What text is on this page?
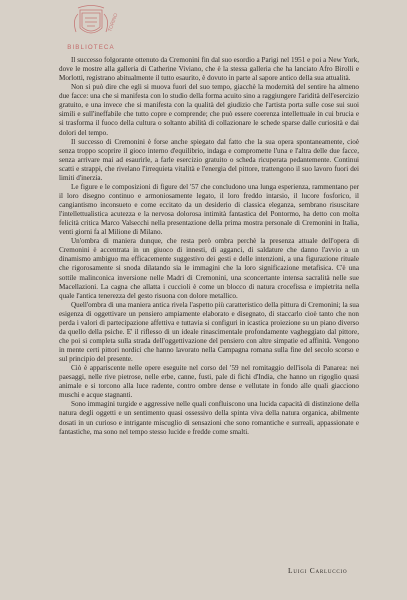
TORINO
BIBLIOTECA

Il successo folgorante ottenuto da Cremonini fin dal suo esordio a Parigi nel 1951 e poi a New York, dove le mostre alla galleria di Catherine Viviano, che è la stessa galleria che ha lanciato Afro Birolli e Morlotti, registrano abitualmente il tutto esaurito, è dovuto in parte al sapore antico della sua attualità.

Non si può dire che egli si muova fuori del suo tempo, giacchè la modernità del sentire ha almeno due facce: una che si manifesta con lo studio della forma acuito sino a raggiungere l'aridità dell'esercizio gratuito, e una invece che si manifesta con la qualità del giudizio che l'artista porta sulle cose sui suoi simili e sull'ineffabile che tutto copre e comprende; che può essere coerenza intellettuale in cui brucia e si trasforma il fuoco della cultura o soltanto abilità di collazionare le schede sparse dalle curiosità e dai dolori del tempo.

Il successo di Cremonini è forse anche spiegato dal fatto che la sua opera spontaneamente, cioè senza troppo scoprire il gioco interno d'equilibrio, indaga e compromette l'una e l'altra delle due facce, senza arrivare mai ad esaurirle, a farle esercizio gratuito o scheda ricuperata pedantemente. Continui scatti e strappi, che rivelano l'irrequieta vitalità e l'energia del pittore, trattengono il suo lavoro fuori dei limiti d'inerzia.

Le figure e le composizioni di figure del '57 che concludono una lunga esperienza, rammentano per il loro disegno continuo e armoniosamente legato, il loro freddo intarsio, il lucore fosforico, il cangiantismo inconsueto e come eccitato da un desiderio di classica eleganza, sembrano risuscitare l'intellettualistica acutezza e la nervosa dolorosa intimità fantastica del Pontormo, ha detto con molta felicità critica Marco Valsecchi nella presentazione della prima mostra personale di Cremonini in Italia, venti giorni fa al Milione di Milano.

Un'ombra di maniera dunque, che resta però ombra perchè la presenza attuale dell'opera di Cremonini è accentrata in un giuoco di innesti, di agganci, di saldature che danno l'avvio a un dinamismo ambiguo ma efficacemente suggestivo dei gesti e delle intenzioni, a una figurazione rituale che rigorosamente si snoda dilatando sia le immagini che la loro significazione metafisica. C'è una sottile malinconica inversione nelle Madri di Cremonini, una sconcertante intensa sacralità nelle sue Macellazioni. La cagna che allatta i cuccioli è come un blocco di natura crocefissa e impietrita nella quale l'antica tenerezza del gesto risuona con dolore metallico.

Quell'ombra di una maniera antica rivela l'aspetto più caratteristico della pittura di Cremonini; la sua esigenza di oggettivare un pensiero ampiamente elaborato e disegnato, di staccarlo cioè tanto che non perda i valori di partecipazione affettiva e tuttavia si configuri in icastica proiezione su un piano diverso da quello della psiche. E' il riflesso di un ideale rinascimentale profondamente vagheggiato dal pittore, che poi si completa sulla strada dell'oggettivazione del pensiero con altre simpatie ed affinità. Vengono in mente certi pittori nordici che hanno lavorato nella Campagna romana sulla fine del secolo scorso e sul principio del presente.

Ciò è appariscente nelle opere eseguite nel corso del '59 nel romitaggio dell'isola di Panarea: nei paesaggi, nelle rive pietrose, nelle erbe, canne, fusti, pale di fichi d'India, che hanno un rigoglio quasi animale e si torcono alla luce radente, contro ombre dense e vellutate in fondo alle quali giacciono muschi e acque stagnanti.

Sono immagini turgide e aggressive nelle quali confluiscono una lucida capacità di distinzione della natura degli oggetti e un sentimento quasi ossessivo della spinta viva della natura organica, abilmente dosati in un curioso e intrigante miscuglio di sensazioni che sono romantiche e surreali, appassionate e fantastiche, ma sono nel tempo stesso lucide e fredde come smalti.

Luigi Carluccio
